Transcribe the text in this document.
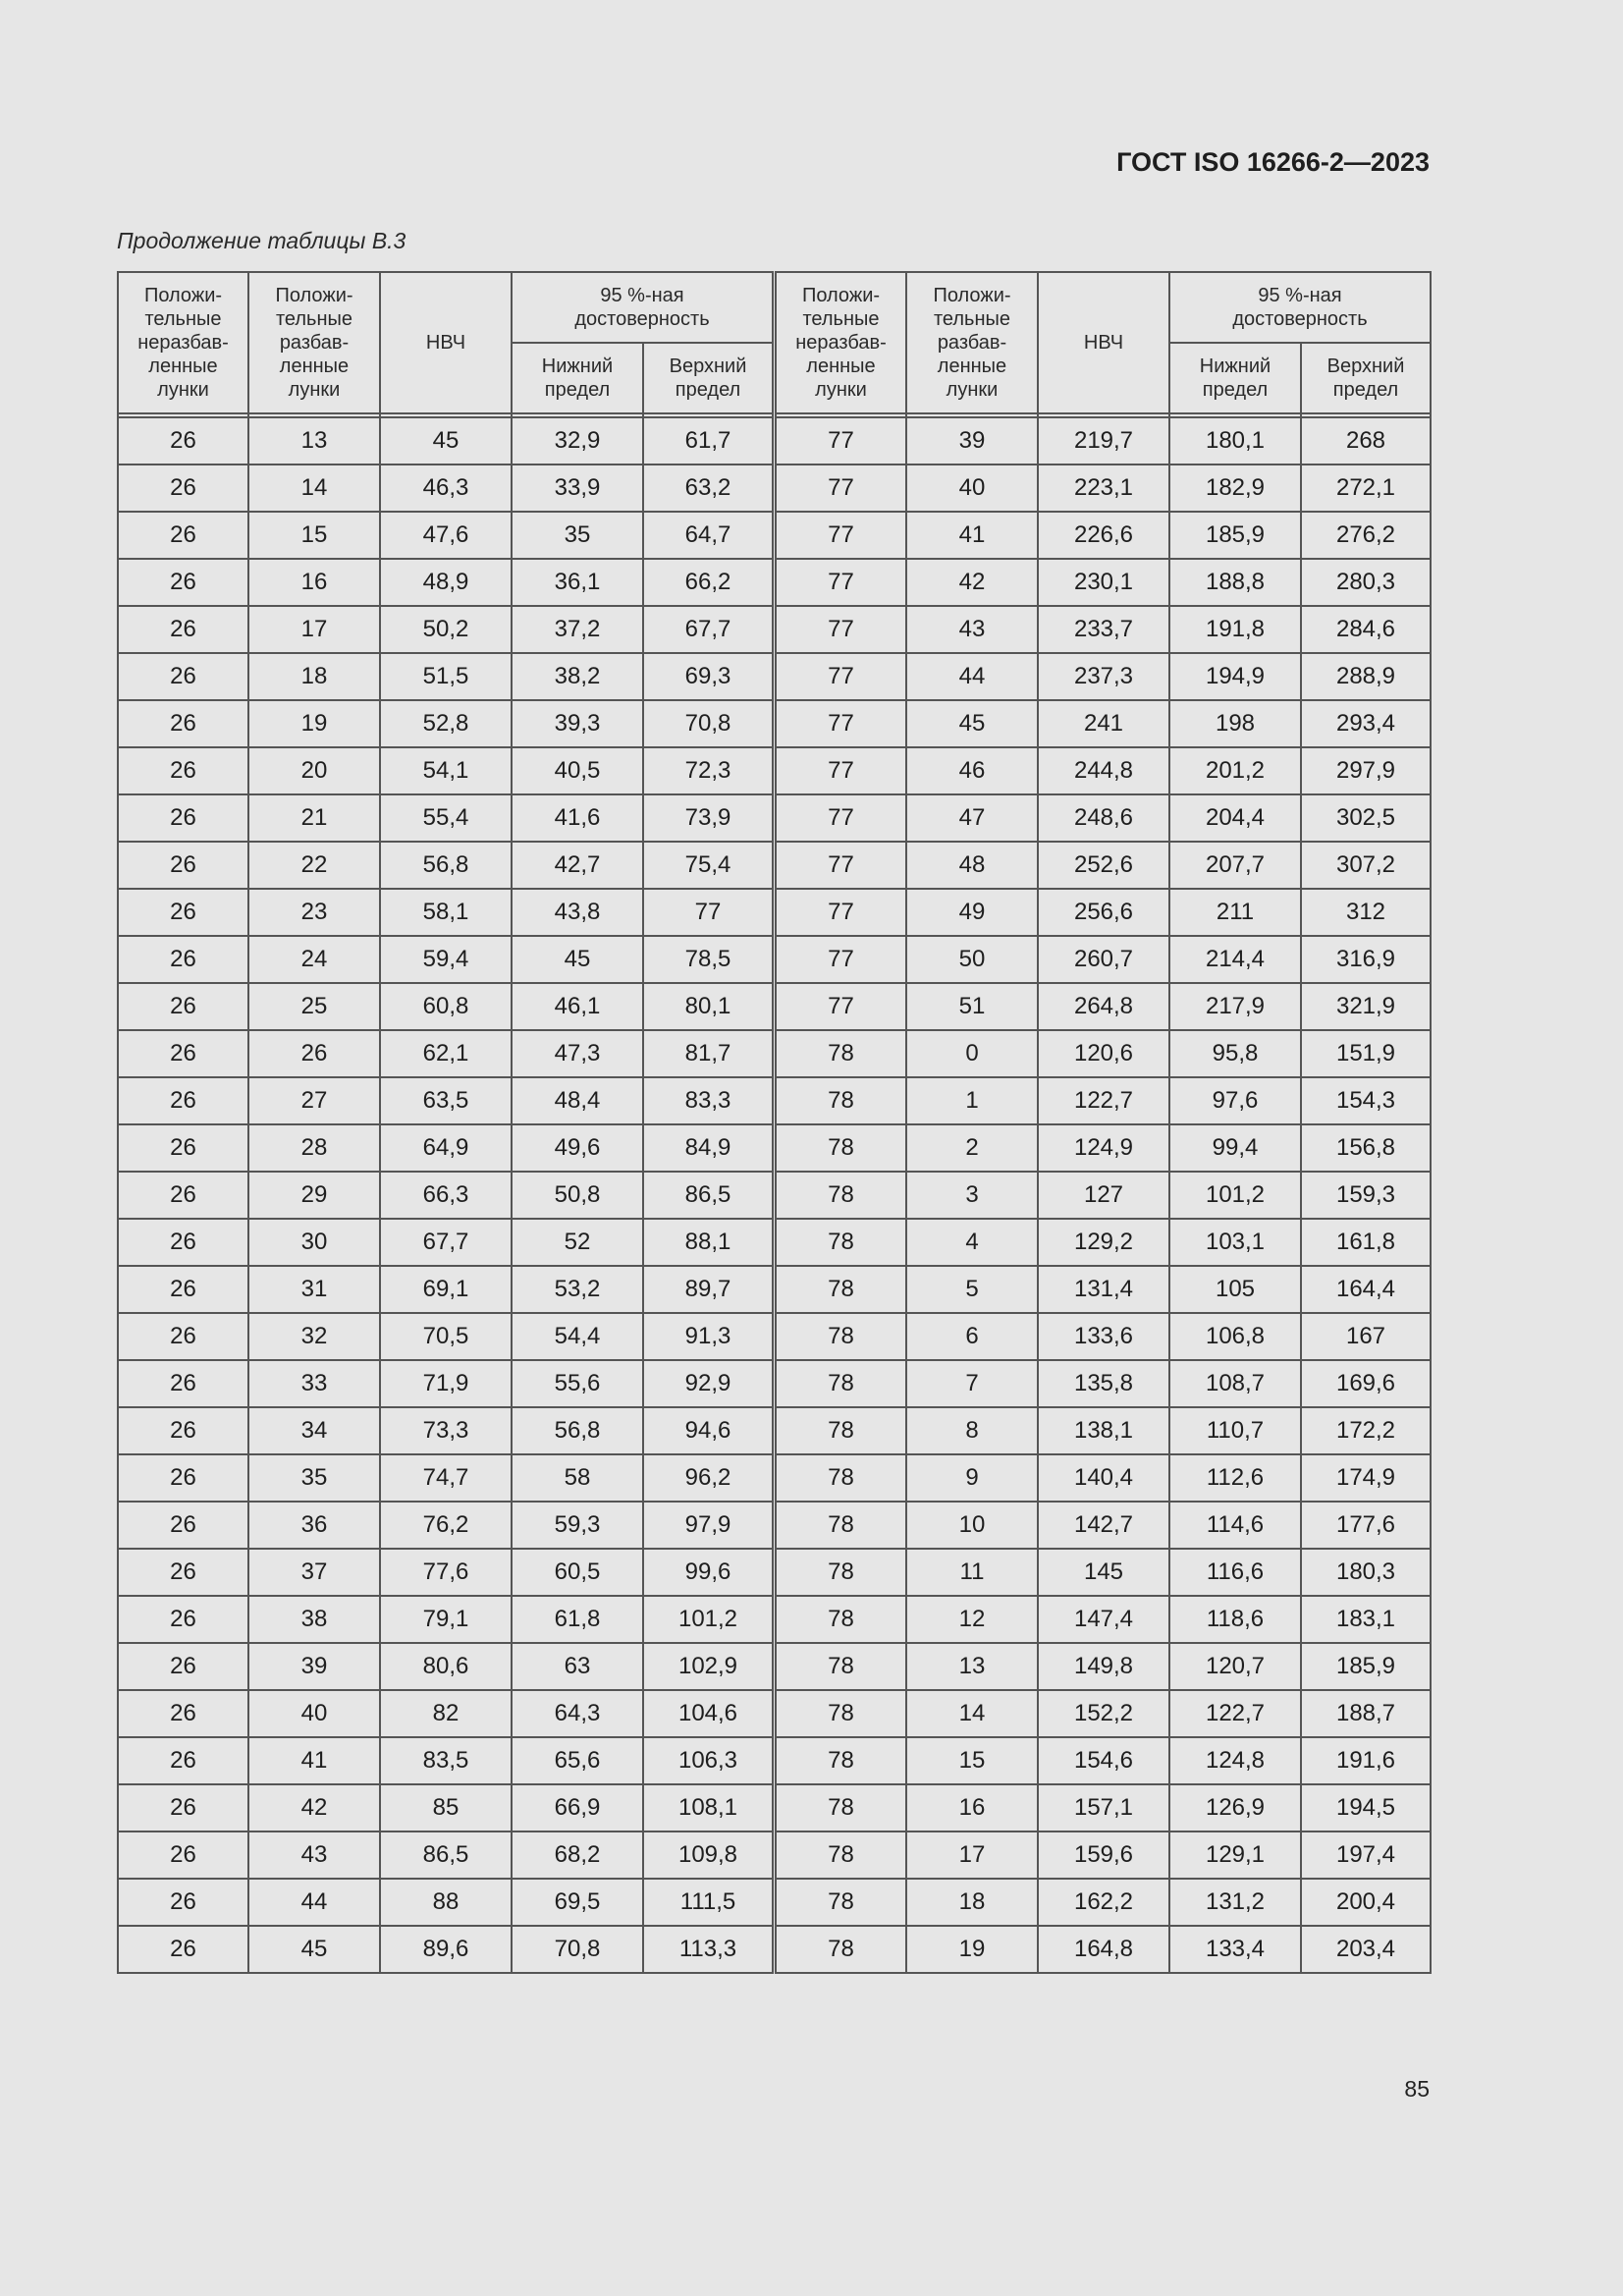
ГОСТ ISO 16266-2—2023
Продолжение таблицы В.3
Положи-
тельные
неразбав-
ленные
лунки	Положи-
тельные
разбав-
ленные
лунки	НВЧ	95 %-ная
достоверность	
			Нижний
предел	Верхний
предел

26	13	45	32,9	61,7
26	14	46,3	33,9	63,2
26	15	47,6	35	64,7
26	16	48,9	36,1	66,2
26	17	50,2	37,2	67,7
26	18	51,5	38,2	69,3
26	19	52,8	39,3	70,8
26	20	54,1	40,5	72,3
26	21	55,4	41,6	73,9
26	22	56,8	42,7	75,4
26	23	58,1	43,8	77
26	24	59,4	45	78,5
26	25	60,8	46,1	80,1
26	26	62,1	47,3	81,7
26	27	63,5	48,4	83,3
26	28	64,9	49,6	84,9
26	29	66,3	50,8	86,5
26	30	67,7	52	88,1
26	31	69,1	53,2	89,7
26	32	70,5	54,4	91,3
26	33	71,9	55,6	92,9
26	34	73,3	56,8	94,6
26	35	74,7	58	96,2
26	36	76,2	59,3	97,9
26	37	77,6	60,5	99,6
26	38	79,1	61,8	101,2
26	39	80,6	63	102,9
26	40	82	64,3	104,6
26	41	83,5	65,6	106,3
26	42	85	66,9	108,1
26	43	86,5	68,2	109,8
26	44	88	69,5	111,5
26	45	89,6	70,8	113,3
Положи-
тельные
неразбав-
ленные
лунки	Положи-
тельные
разбав-
ленные
лунки	НВЧ	95 %-ная
достоверность	
			Нижний
предел	Верхний
предел

77	39	219,7	180,1	268
77	40	223,1	182,9	272,1
77	41	226,6	185,9	276,2
77	42	230,1	188,8	280,3
77	43	233,7	191,8	284,6
77	44	237,3	194,9	288,9
77	45	241	198	293,4
77	46	244,8	201,2	297,9
77	47	248,6	204,4	302,5
77	48	252,6	207,7	307,2
77	49	256,6	211	312
77	50	260,7	214,4	316,9
77	51	264,8	217,9	321,9
78	0	120,6	95,8	151,9
78	1	122,7	97,6	154,3
78	2	124,9	99,4	156,8
78	3	127	101,2	159,3
78	4	129,2	103,1	161,8
78	5	131,4	105	164,4
78	6	133,6	106,8	167
78	7	135,8	108,7	169,6
78	8	138,1	110,7	172,2
78	9	140,4	112,6	174,9
78	10	142,7	114,6	177,6
78	11	145	116,6	180,3
78	12	147,4	118,6	183,1
78	13	149,8	120,7	185,9
78	14	152,2	122,7	188,7
78	15	154,6	124,8	191,6
78	16	157,1	126,9	194,5
78	17	159,6	129,1	197,4
78	18	162,2	131,2	200,4
78	19	164,8	133,4	203,4
85
